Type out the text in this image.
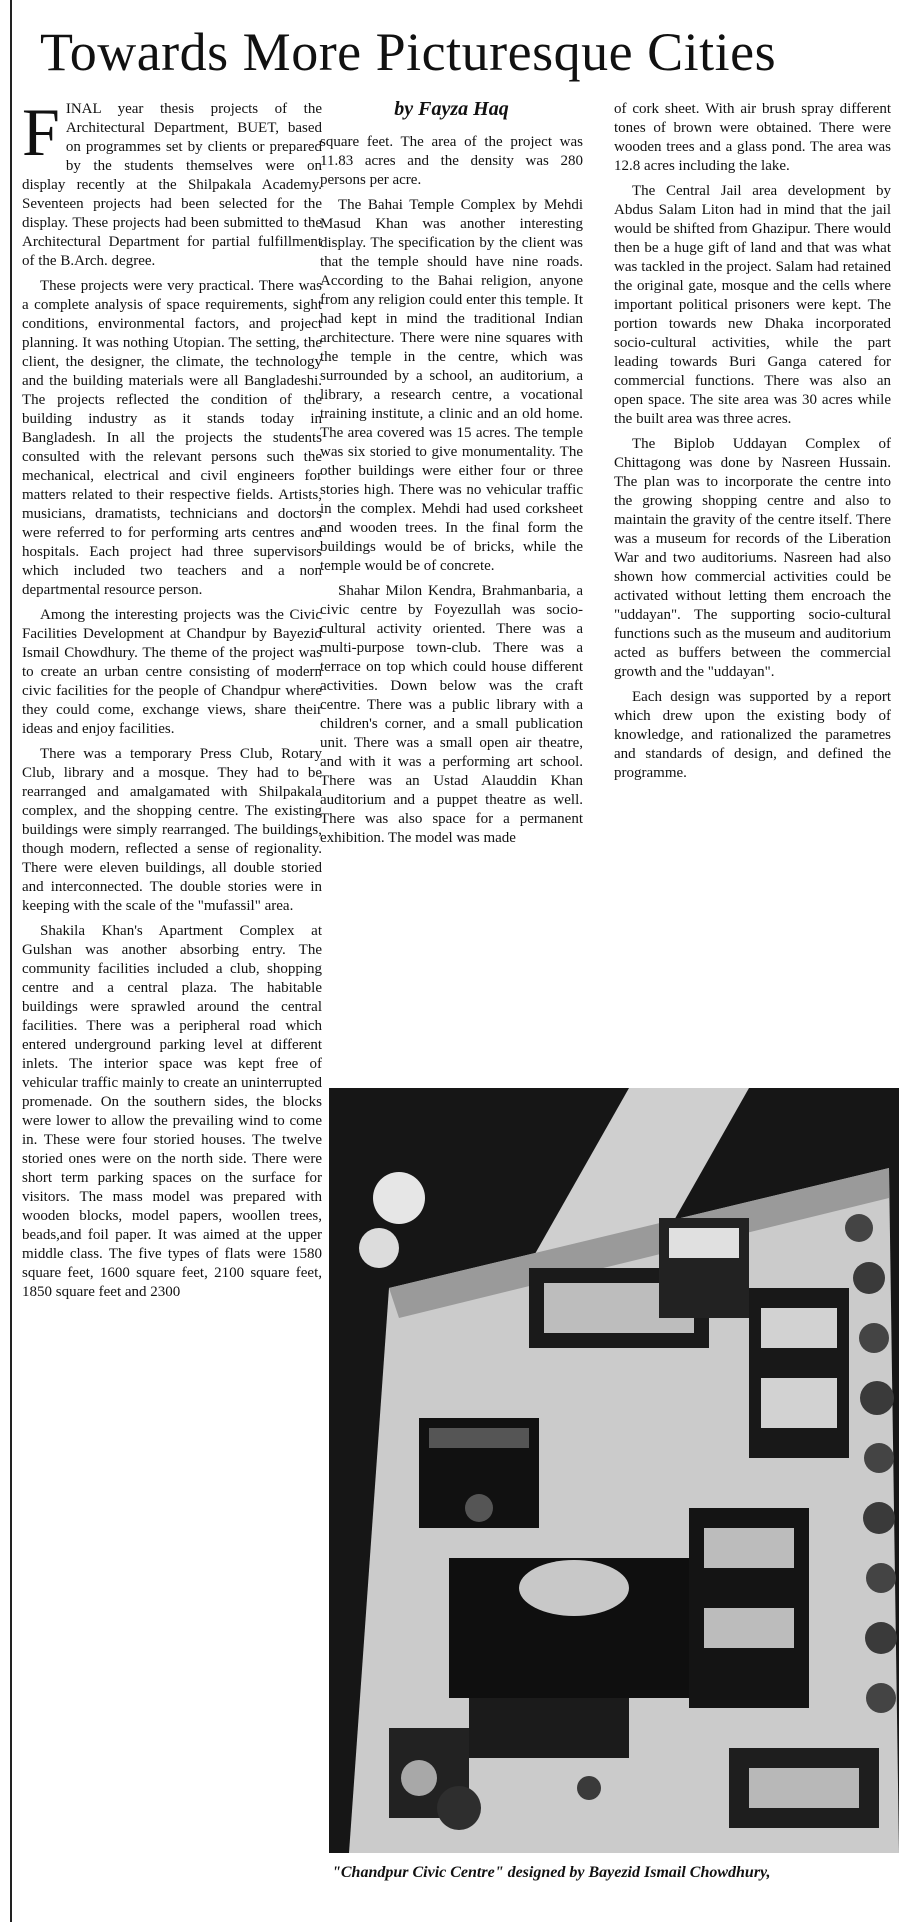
Towards More Picturesque Cities

FINAL year thesis projects of the Architectural Department, BUET, based on programmes set by clients or prepared by the students themselves were on display recently at the Shilpakala Academy. Seventeen projects had been selected for the display. These projects had been submitted to the Architectural Department for partial fulfillment of the B.Arch. degree.

These projects were very practical. There was a complete analysis of space requirements, sight conditions, environmental factors, and project planning. It was nothing Utopian. The setting, the client, the designer, the climate, the technology and the building materials were all Bangladeshi. The projects reflected the condition of the building industry as it stands today in Bangladesh. In all the projects the students consulted with the relevant persons such the mechanical, electrical and civil engineers for matters related to their respective fields. Artists, musicians, dramatists, technicians and doctors were referred to for performing arts centres and hospitals. Each project had three supervisors which included two teachers and a non departmental resource person.

Among the interesting projects was the Civic Facilities Development at Chandpur by Bayezid Ismail Chowdhury. The theme of the project was to create an urban centre consisting of modern civic facilities for the people of Chandpur where they could come, exchange views, share their ideas and enjoy facilities.

There was a temporary Press Club, Rotary Club, library and a mosque. They had to be rearranged and amalgamated with Shilpakala complex, and the shopping centre. The existing buildings were simply rearranged. The buildings, though modern, reflected a sense of regionality. There were eleven buildings, all double storied and interconnected. The double stories were in keeping with the scale of the "mufassil" area.

Shakila Khan's Apartment Complex at Gulshan was another absorbing entry. The community facilities included a club, shopping centre and a central plaza. The habitable buildings were sprawled around the central facilities. There was a peripheral road which entered underground parking level at different inlets. The interior space was kept free of vehicular traffic mainly to create an uninterrupted promenade. On the southern sides, the blocks were lower to allow the prevailing wind to come in. These were four storied houses. The twelve storied ones were on the north side. There were short term parking spaces on the surface for visitors. The mass model was prepared with wooden blocks, model papers, woollen trees, beads,and foil paper. It was aimed at the upper middle class. The five types of flats were 1580 square feet, 1600 square feet, 2100 square feet, 1850 square feet and 2300

by Fayza Haq

square feet. The area of the project was 11.83 acres and the density was 280 persons per acre.

The Bahai Temple Complex by Mehdi Masud Khan was another interesting display. The specification by the client was that the temple should have nine roads. According to the Bahai religion, anyone from any religion could enter this temple. It had kept in mind the traditional Indian architecture. There were nine squares with the temple in the centre, which was surrounded by a school, an auditorium, a library, a research centre, a vocational training institute, a clinic and an old home. The area covered was 15 acres. The temple was six storied to give monumentality. The other buildings were either four or three stories high. There was no vehicular traffic in the complex. Mehdi had used corksheet and wooden trees. In the final form the buildings would be of bricks, while the temple would be of concrete.

Shahar Milon Kendra, Brahmanbaria, a civic centre by Foyezullah was socio-cultural activity oriented. There was a multi-purpose town-club. There was a terrace on top which could house different activities. Down below was the craft centre. There was a public library with a children's corner, and a small publication unit. There was a small open air theatre, and with it was a performing art school. There was an Ustad Alauddin Khan auditorium and a puppet theatre as well. There was also space for a permanent exhibition. The model was made

of cork sheet. With air brush spray different tones of brown were obtained. There were wooden trees and a glass pond. The area was 12.8 acres including the lake.

The Central Jail area development by Abdus Salam Liton had in mind that the jail would be shifted from Ghazipur. There would then be a huge gift of land and that was what was tackled in the project. Salam had retained the original gate, mosque and the cells where important political prisoners were kept. The portion towards new Dhaka incorporated socio-cultural activities, while the part leading towards Buri Ganga catered for commercial functions. There was also an open space. The site area was 30 acres while the built area was three acres.

The Biplob Uddayan Complex of Chittagong was done by Nasreen Hussain. The plan was to incorporate the centre into the growing shopping centre and also to maintain the gravity of the centre itself. There was a museum for records of the Liberation War and two auditoriums. Nasreen had also shown how commercial activities could be activated without letting them encroach the "uddayan". The supporting socio-cultural functions such as the museum and auditorium acted as buffers between the commercial growth and the "uddayan".

Each design was supported by a report which drew upon the existing body of knowledge, and rationalized the parametres and standards of design, and defined the programme.

"Chandpur Civic Centre" designed by Bayezid Ismail Chowdhury,
